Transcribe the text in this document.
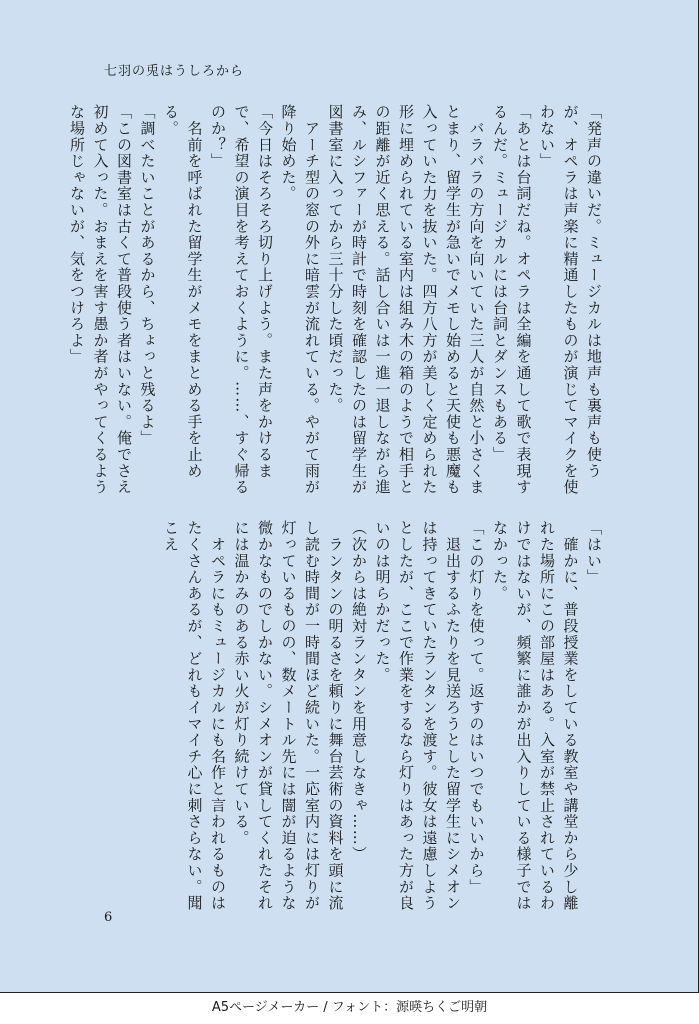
七羽の兎はうしろから

「発声の違いだ。ミュージカルは地声も裏声も使うが、オペラは声楽に精通したものが演じてマイクを使わない」

「あとは台詞だね。オペラは全編を通して歌で表現するんだ。ミュージカルには台詞とダンスもある」

　バラバラの方向を向いていた三人が自然と小さくまとまり、留学生が急いでメモし始めると天使も悪魔も入っていた力を抜いた。四方八方が美しく定められた形に埋められている室内は組み木の箱のようで相手との距離が近く思える。話し合いは一進一退しながら進み、ルシファーが時計で時刻を確認したのは留学生が図書室に入ってから三十分した頃だった。

　アーチ型の窓の外に暗雲が流れている。やがて雨が降り始めた。

「今日はそろそろ切り上げよう。また声をかけるまで、希望の演目を考えておくように。……、すぐ帰るのか？」

　名前を呼ばれた留学生がメモをまとめる手を止める。

「調べたいことがあるから、ちょっと残るよ」

「この図書室は古くて普段使う者はいない。俺でさえ初めて入った。おまえを害す愚か者がやってくるような場所じゃないが、気をつけろよ」

「はい」

　確かに、普段授業をしている教室や講堂から少し離れた場所にこの部屋はある。入室が禁止されているわけではないが、頻繁に誰かが出入りしている様子ではなかった。

「この灯りを使って。返すのはいつでもいいから」

　退出するふたりを見送ろうとした留学生にシメオンは持ってきていたランタンを渡す。彼女は遠慮しようとしたが、ここで作業をするなら灯りはあった方が良いのは明らかだった。

（次からは絶対ランタンを用意しなきゃ……）

　ランタンの明るさを頼りに舞台芸術の資料を頭に流し読む時間が一時間ほど続いた。一応室内には灯りが灯っているものの、数メートル先には闇が迫るような微かなものでしかない。シメオンが貸してくれたそれには温かみのある赤い火が灯り続けている。

　オペラにもミュージカルにも名作と言われるものはたくさんあるが、どれもイマイチ心に刺さらない。聞こえ

6
A5ページメーカー / フォント：源暎ちくご明朝
